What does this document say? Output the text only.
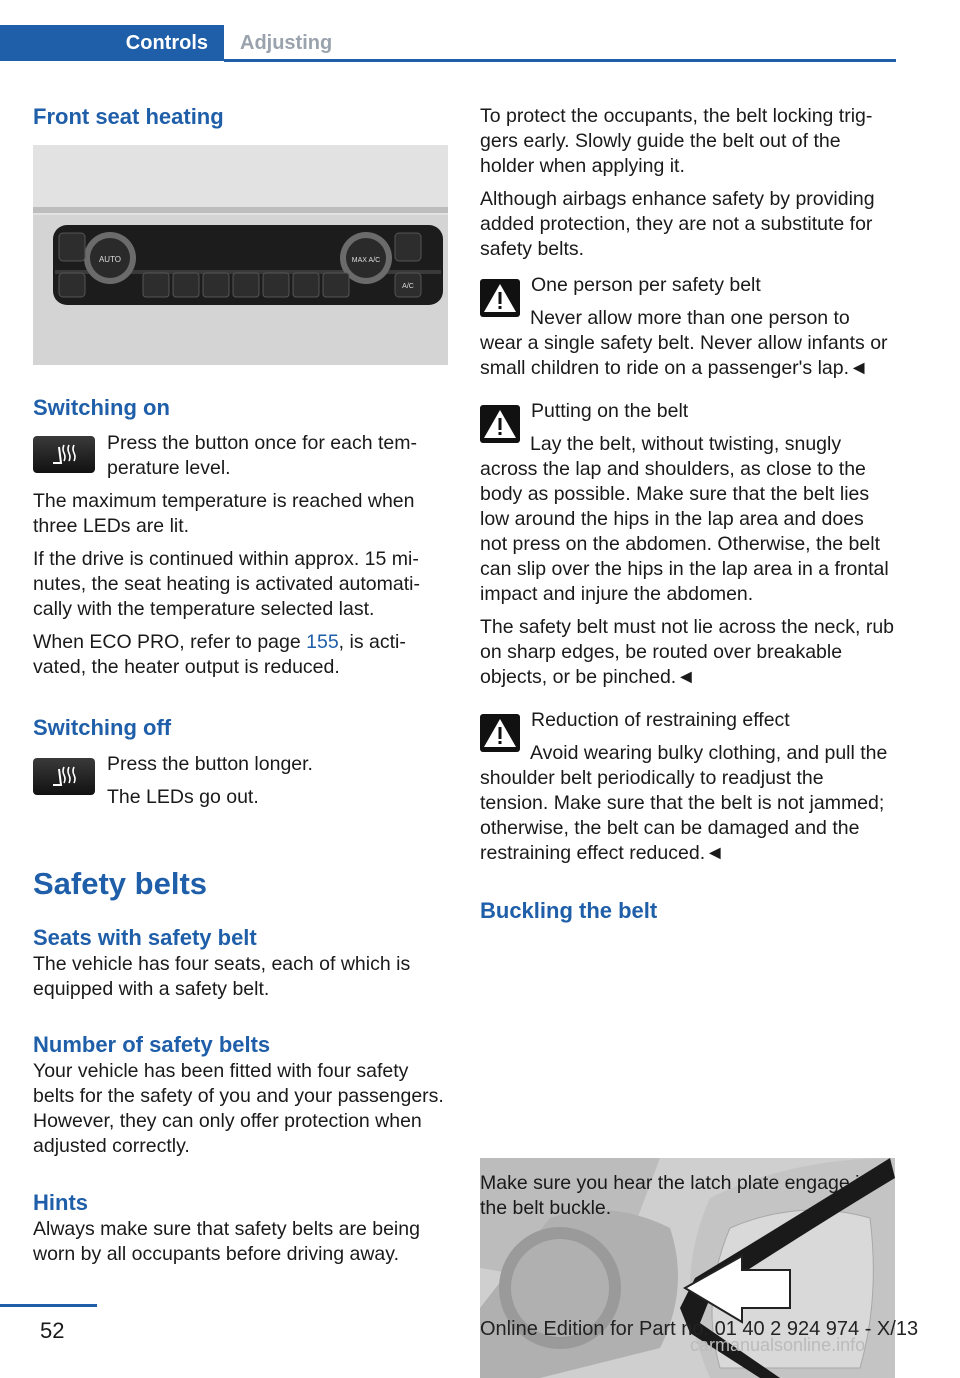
Controls	Adjusting
Front seat heating
AUTO	MAX A/C
A/C
Switching on
Press the button once for each temperature level.

The maximum temperature is reached when three LEDs are lit.

If the drive is continued within approx. 15 minutes, the seat heating is activated automatically with the temperature selected last.

When ECO PRO, refer to page 155, is activated, the heater output is reduced.

Switching off

Press the button longer.

The LEDs go out.

Safety belts
Seats with safety belt

The vehicle has four seats, each of which is equipped with a safety belt.

Number of safety belts

Your vehicle has been fitted with four safety belts for the safety of you and your passengers. However, they can only offer protection when adjusted correctly.

Hints

Always make sure that safety belts are being worn by all occupants before driving away.

To protect the occupants, the belt locking triggers early. Slowly guide the belt out of the holder when applying it.

Although airbags enhance safety by providing added protection, they are not a substitute for safety belts.

One person per safety belt

Never allow more than one person to wear a single safety belt. Never allow infants or small children to ride on a passenger's lap.◄

Putting on the belt

Lay the belt, without twisting, snugly across the lap and shoulders, as close to the body as possible. Make sure that the belt lies low around the hips in the lap area and does not press on the abdomen. Otherwise, the belt can slip over the hips in the lap area in a frontal impact and injure the abdomen.

The safety belt must not lie across the neck, rub on sharp edges, be routed over breakable objects, or be pinched.◄

Reduction of restraining effect

Avoid wearing bulky clothing, and pull the shoulder belt periodically to readjust the tension. Make sure that the belt is not jammed; otherwise, the belt can be damaged and the restraining effect reduced.◄

Buckling the belt

Make sure you hear the latch plate engage in the belt buckle.

52	Online Edition for Part no. 01 40 2 924 974 - X/13
carmanualsonline.info
